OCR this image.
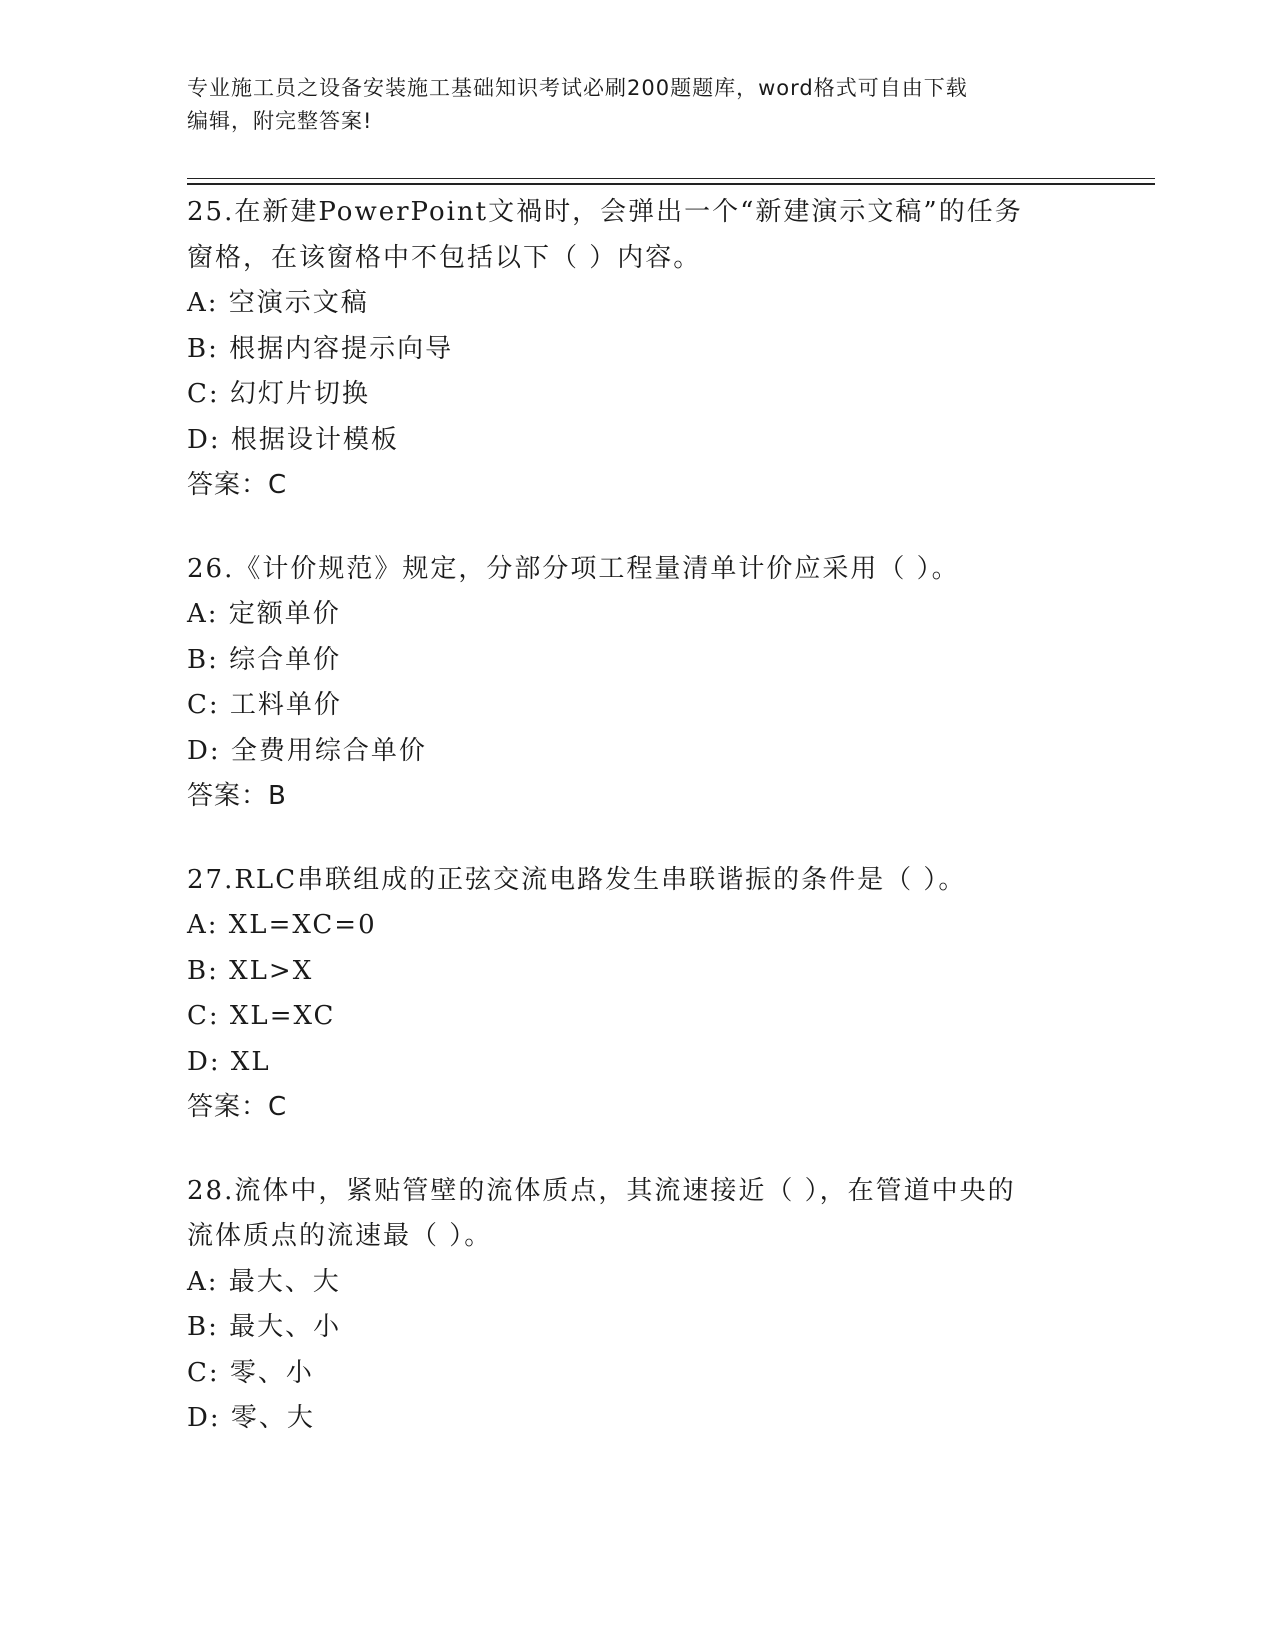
专业施工员之设备安装施工基础知识考试必刷200题题库，word格式可自由下载
编辑，附完整答案!

25.在新建PowerPoint文禍时，会弹出一个“新建演示文稿”的任务
窗格，在该窗格中不包括以下（ ）内容。

A: 空演示文稿

B: 根据内容提示向导

C: 幻灯片切换

D: 根据设计模板

答案：C

26.《计价规范》规定，分部分项工程量清单计价应采用（ ）。

A: 定额单价

B: 综合单价

C: 工料单价

D: 全费用综合单价

答案：B

27.RLC串联组成的正弦交流电路发生串联谐振的条件是（ ）。

A: XL=XC=0

B: XL>X

C: XL=XC

D: XL

答案：C

28.流体中，紧贴管壁的流体质点，其流速接近（ ），在管道中央的
流体质点的流速最（ ）。

A: 最大、大

B: 最大、小

C: 零、小

D: 零、大
